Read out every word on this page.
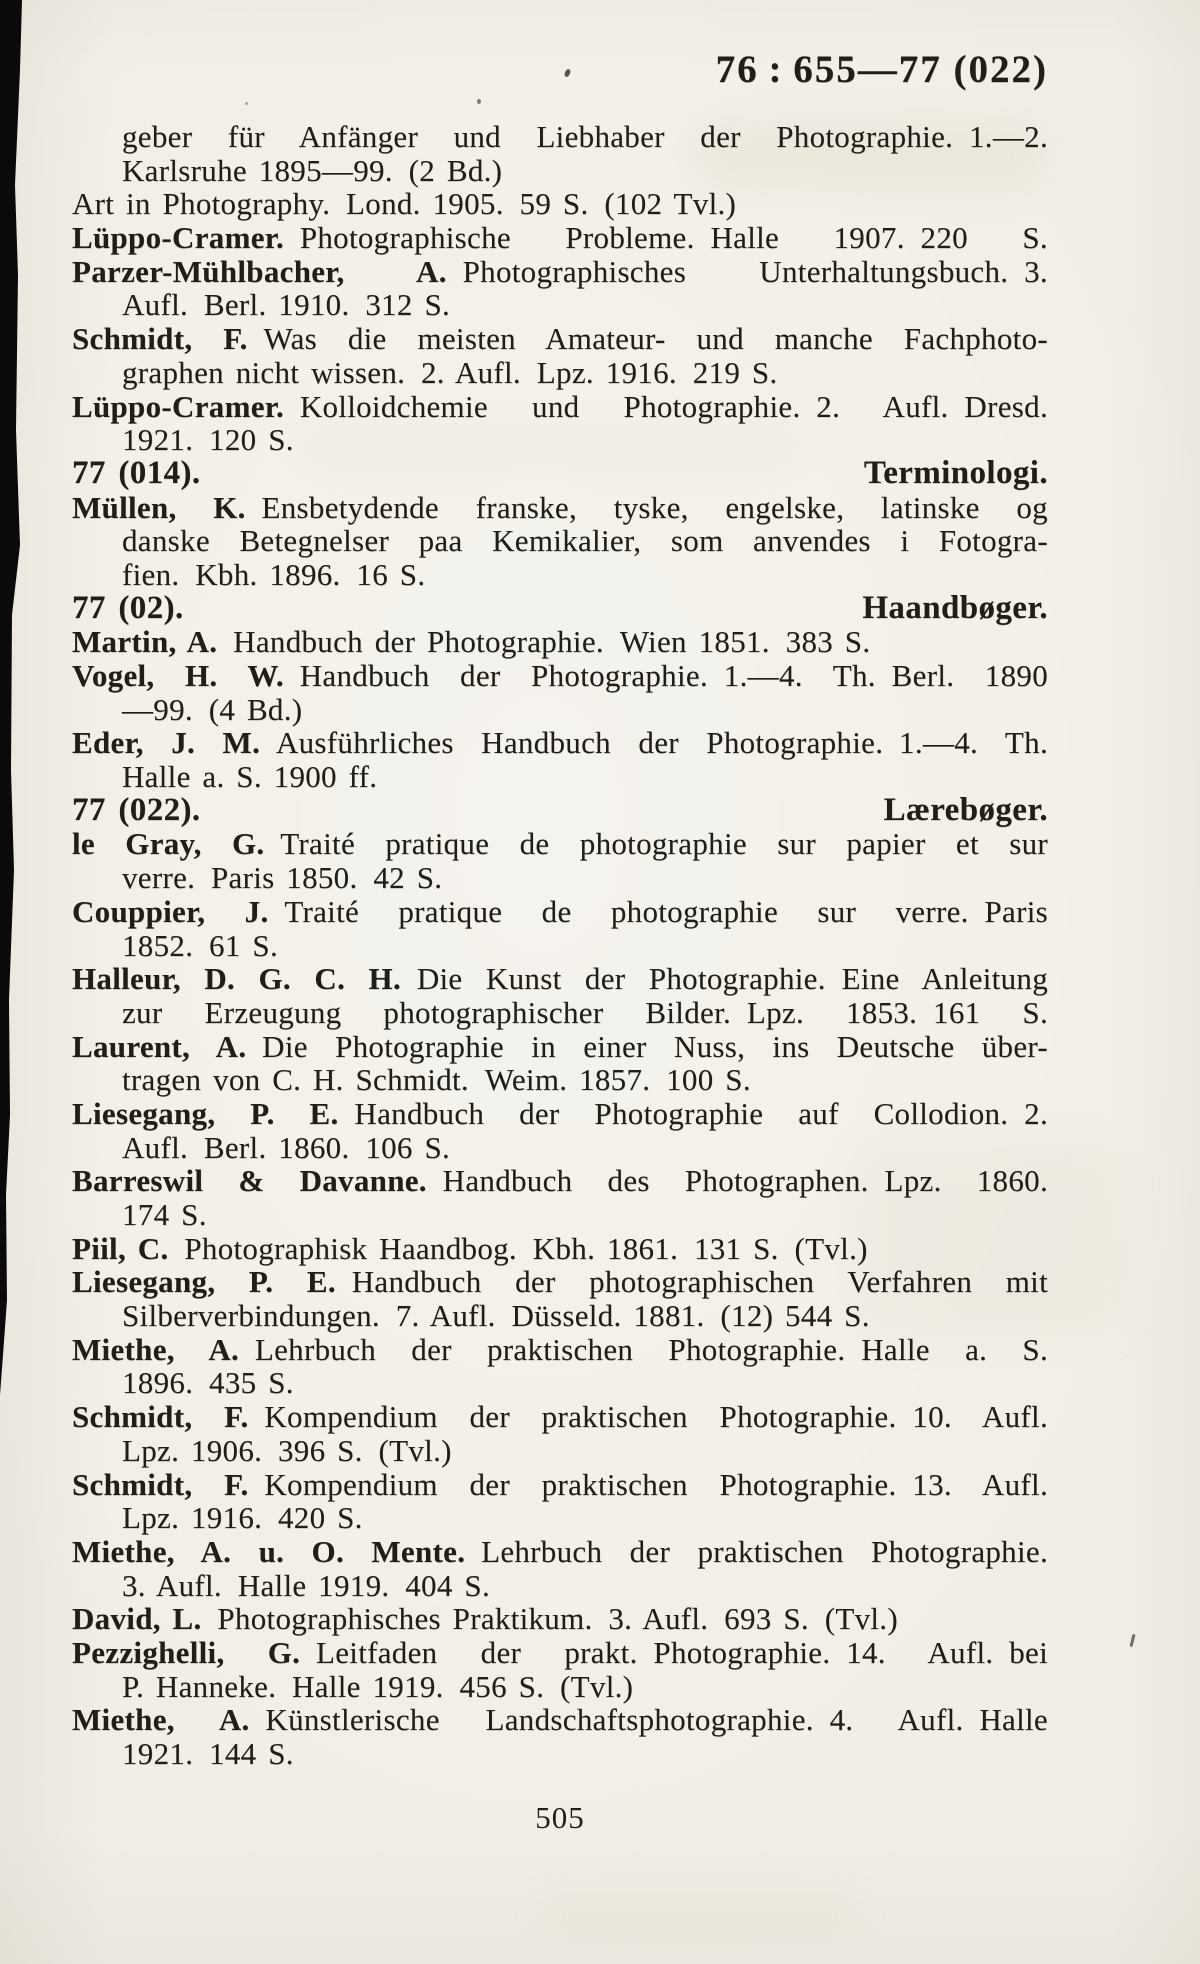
76 : 655—77 (022)
geber für Anfänger und Liebhaber der Photographie. 1.—2.
Karlsruhe 1895—99. (2 Bd.)
Art in Photography. Lond. 1905. 59 S. (102 Tvl.)
Lüppo-Cramer. Photographische Probleme. Halle 1907. 220 S.
Parzer-Mühlbacher, A. Photographisches Unterhaltungsbuch. 3.
Aufl. Berl. 1910. 312 S.
Schmidt, F. Was die meisten Amateur- und manche Fachphoto-
graphen nicht wissen. 2. Aufl. Lpz. 1916. 219 S.
Lüppo-Cramer. Kolloidchemie und Photographie. 2. Aufl. Dresd.
1921. 120 S.
77 (014).	Terminologi.
Müllen, K. Ensbetydende franske, tyske, engelske, latinske og
danske Betegnelser paa Kemikalier, som anvendes i Fotogra-
fien. Kbh. 1896. 16 S.
77 (02).	Haandbøger.
Martin, A. Handbuch der Photographie. Wien 1851. 383 S.
Vogel, H. W. Handbuch der Photographie. 1.—4. Th. Berl. 1890
—99. (4 Bd.)
Eder, J. M. Ausführliches Handbuch der Photographie. 1.—4. Th.
Halle a. S. 1900 ff.
77 (022).	Lærebøger.
le Gray, G. Traité pratique de photographie sur papier et sur
verre. Paris 1850. 42 S.
Couppier, J. Traité pratique de photographie sur verre. Paris
1852. 61 S.
Halleur, D. G. C. H. Die Kunst der Photographie. Eine Anleitung
zur Erzeugung photographischer Bilder. Lpz. 1853. 161 S.
Laurent, A. Die Photographie in einer Nuss, ins Deutsche über-
tragen von C. H. Schmidt. Weim. 1857. 100 S.
Liesegang, P. E. Handbuch der Photographie auf Collodion. 2.
Aufl. Berl. 1860. 106 S.
Barreswil & Davanne. Handbuch des Photographen. Lpz. 1860.
174 S.
Piil, C. Photographisk Haandbog. Kbh. 1861. 131 S. (Tvl.)
Liesegang, P. E. Handbuch der photographischen Verfahren mit
Silberverbindungen. 7. Aufl. Düsseld. 1881. (12) 544 S.
Miethe, A. Lehrbuch der praktischen Photographie. Halle a. S.
1896. 435 S.
Schmidt, F. Kompendium der praktischen Photographie. 10. Aufl.
Lpz. 1906. 396 S. (Tvl.)
Schmidt, F. Kompendium der praktischen Photographie. 13. Aufl.
Lpz. 1916. 420 S.
Miethe, A. u. O. Mente. Lehrbuch der praktischen Photographie.
3. Aufl. Halle 1919. 404 S.
David, L. Photographisches Praktikum. 3. Aufl. 693 S. (Tvl.)
Pezzighelli, G. Leitfaden der prakt. Photographie. 14. Aufl. bei
P. Hanneke. Halle 1919. 456 S. (Tvl.)
Miethe, A. Künstlerische Landschaftsphotographie. 4. Aufl. Halle
1921. 144 S.
505
